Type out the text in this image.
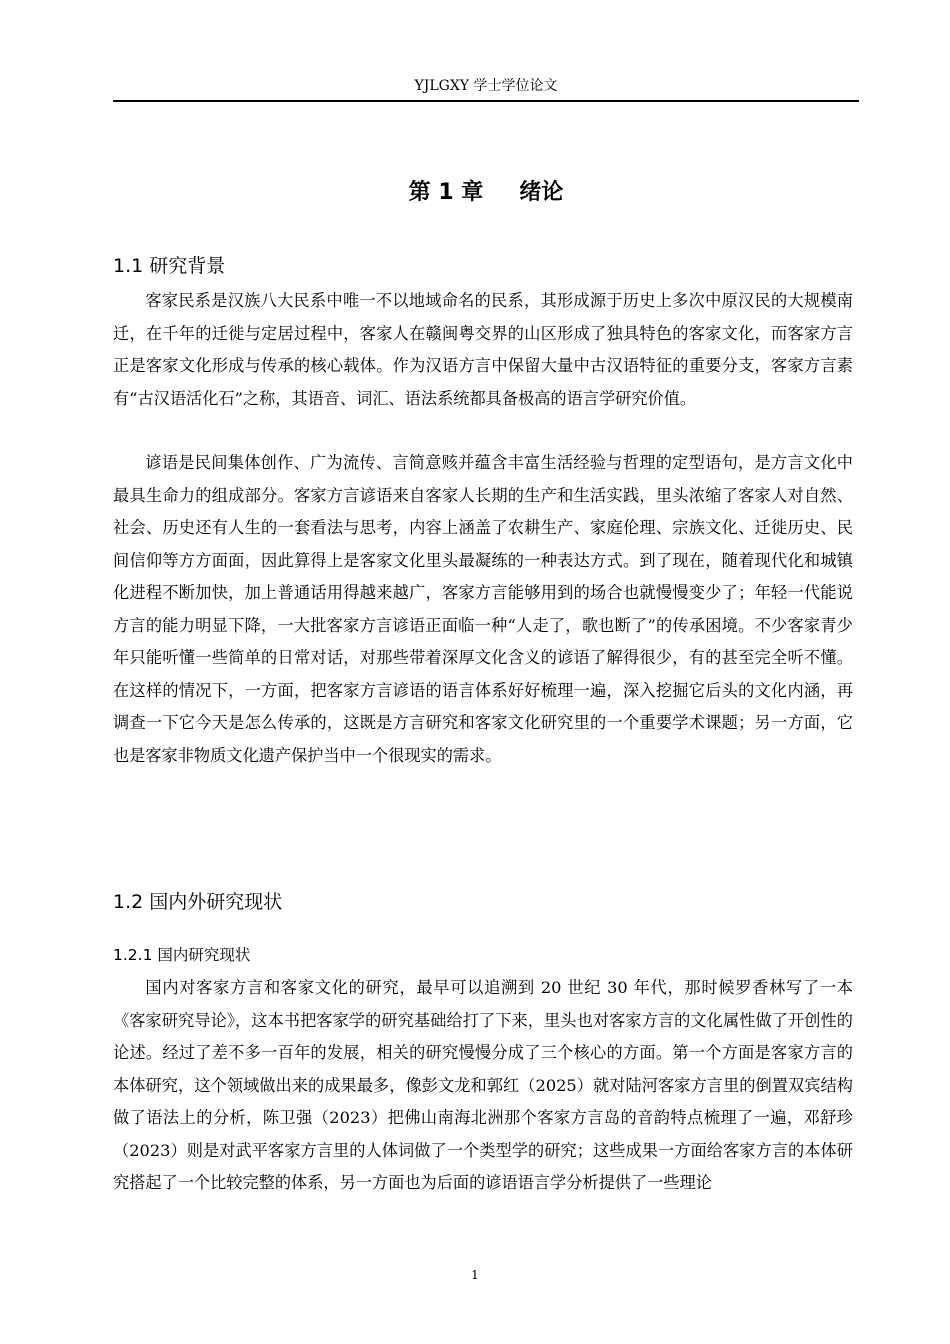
YJLGXY 学士学位论文
第 1 章 绪论
1.1 研究背景

客家民系是汉族八大民系中唯一不以地域命名的民系，其形成源于历史上多次中原汉民的大规模南迁，在千年的迁徙与定居过程中，客家人在赣闽粤交界的山区形成了独具特色的客家文化，而客家方言正是客家文化形成与传承的核心载体。作为汉语方言中保留大量中古汉语特征的重要分支，客家方言素有“古汉语活化石”之称，其语音、词汇、语法系统都具备极高的语言学研究价值。

谚语是民间集体创作、广为流传、言简意赅并蕴含丰富生活经验与哲理的定型语句，是方言文化中最具生命力的组成部分。客家方言谚语来自客家人长期的生产和生活实践，里头浓缩了客家人对自然、社会、历史还有人生的一套看法与思考，内容上涵盖了农耕生产、家庭伦理、宗族文化、迁徙历史、民间信仰等方方面面，因此算得上是客家文化里头最凝练的一种表达方式。到了现在，随着现代化和城镇化进程不断加快，加上普通话用得越来越广，客家方言能够用到的场合也就慢慢变少了；年轻一代能说方言的能力明显下降，一大批客家方言谚语正面临一种“人走了，歌也断了”的传承困境。不少客家青少年只能听懂一些简单的日常对话，对那些带着深厚文化含义的谚语了解得很少，有的甚至完全听不懂。在这样的情况下，一方面，把客家方言谚语的语言体系好好梳理一遍，深入挖掘它后头的文化内涵，再调查一下它今天是怎么传承的，这既是方言研究和客家文化研究里的一个重要学术课题；另一方面，它也是客家非物质文化遗产保护当中一个很现实的需求。

1.2 国内外研究现状
1.2.1 国内研究现状

国内对客家方言和客家文化的研究，最早可以追溯到 20 世纪 30 年代，那时候罗香林写了一本《客家研究导论》，这本书把客家学的研究基础给打了下来，里头也对客家方言的文化属性做了开创性的论述。经过了差不多一百年的发展，相关的研究慢慢分成了三个核心的方面。第一个方面是客家方言的本体研究，这个领域做出来的成果最多，像彭文龙和郭红（2025）就对陆河客家方言里的倒置双宾结构做了语法上的分析，陈卫强（2023）把佛山南海北洲那个客家方言岛的音韵特点梳理了一遍，邓舒珍（2023）则是对武平客家方言里的人体词做了一个类型学的研究；这些成果一方面给客家方言的本体研究搭起了一个比较完整的体系，另一方面也为后面的谚语语言学分析提供了一些理论

1
